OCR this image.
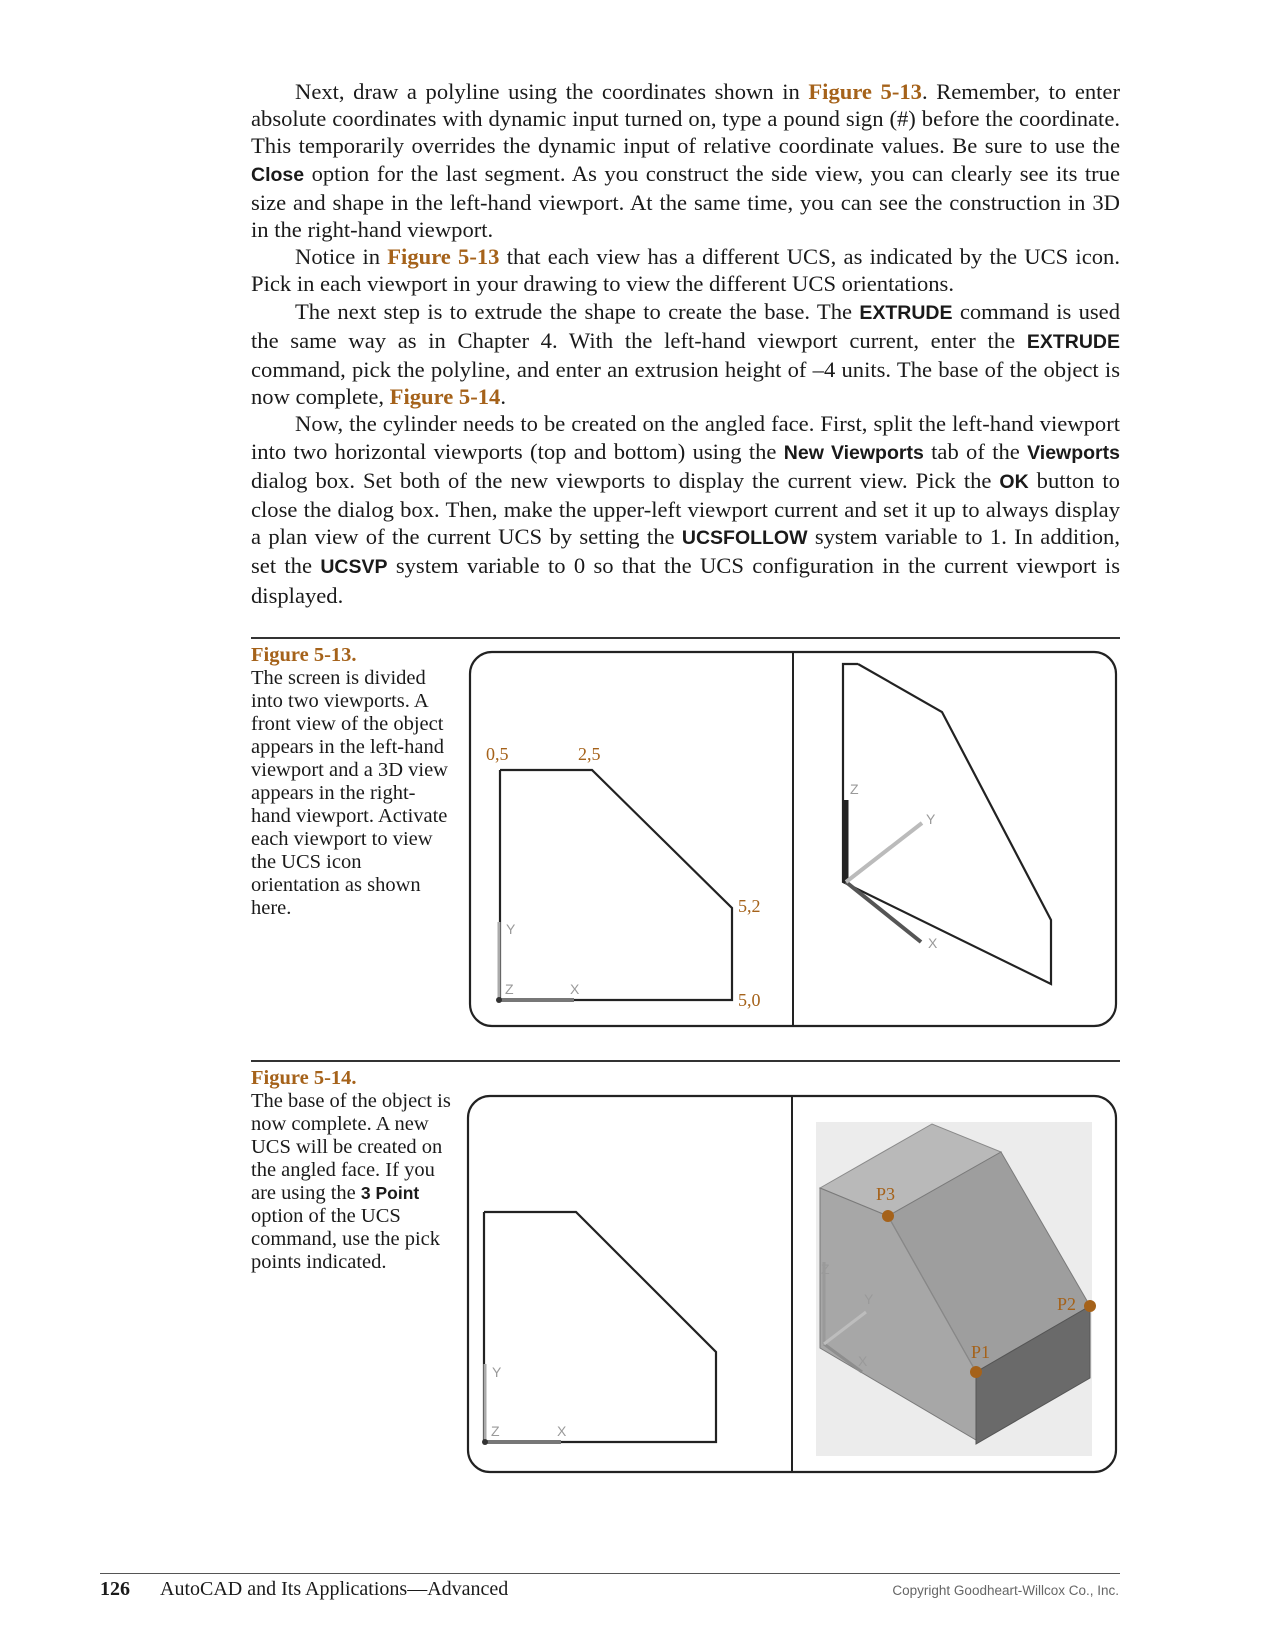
Next, draw a polyline using the coordinates shown in Figure 5-13. Remember, to enter absolute coordinates with dynamic input turned on, type a pound sign (#) before the coordinate. This temporarily overrides the dynamic input of relative coordinate values. Be sure to use the Close option for the last segment. As you construct the side view, you can clearly see its true size and shape in the left-hand viewport. At the same time, you can see the construction in 3D in the right-hand viewport.

Notice in Figure 5-13 that each view has a different UCS, as indicated by the UCS icon. Pick in each viewport in your drawing to view the different UCS orientations.

The next step is to extrude the shape to create the base. The EXTRUDE command is used the same way as in Chapter 4. With the left-hand viewport current, enter the EXTRUDE command, pick the polyline, and enter an extrusion height of –4 units. The base of the object is now complete, Figure 5-14.

Now, the cylinder needs to be created on the angled face. First, split the left-hand viewport into two horizontal viewports (top and bottom) using the New Viewports tab of the Viewports dialog box. Set both of the new viewports to display the current view. Pick the OK button to close the dialog box. Then, make the upper-left viewport current and set it up to always display a plan view of the current UCS by setting the UCSFOLLOW system variable to 1. In addition, set the UCSVP system variable to 0 so that the UCS configuration in the current viewport is displayed.

Figure 5-13.
The screen is divided into two viewports. A front view of the object appears in the left-hand viewport and a 3D view appears in the right-hand viewport. Activate each viewport to view the UCS icon orientation as shown here.
0,5	2,5
5,2
5,0
Y
Z	X
Z
Y
X
Figure 5-14.
The base of the object is now complete. A new UCS will be created on the angled face. If you are using the 3 Point option of the UCS command, use the pick points indicated.
Y
Z	X
Z
Y
X
P3
P2
P1
126 AutoCAD and Its Applications—Advanced	Copyright Goodheart-Willcox Co., Inc.
